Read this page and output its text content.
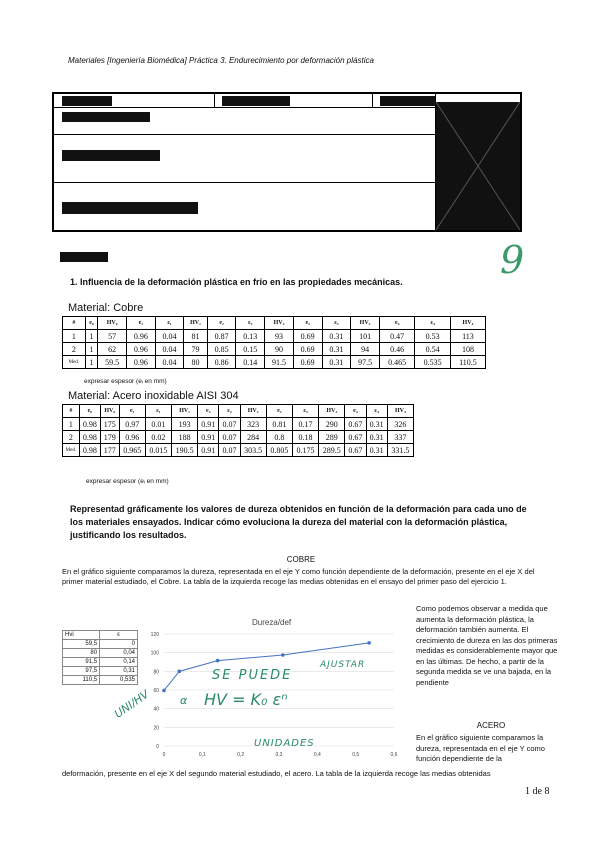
Materiales [Ingeniería Biomédica] Práctica 3. Endurecimiento por deformación plástica
9
1. Influencia de la deformación plástica en frío en las propiedades mecánicas.
Material: Cobre
#	e₀	HV₀	e₁	ε₁	HV₁	e₂	ε₂	HV₂	e₃	ε₃	HV₃	e₄	ε₄	HV₄
1	1	57	0.96	0.04	81	0.87	0.13	93	0.69	0.31	101	0.47	0.53	113
2	1	62	0.96	0.04	79	0.85	0.15	90	0.69	0.31	94	0.46	0.54	108
Med.	1	59.5	0.96	0.04	80	0.86	0.14	91.5	0.69	0.31	97.5	0.465	0.535	110.5
expresar espesor (eᵢ en mm)
Material: Acero inoxidable AISI 304
#	e₀	HV₀	e₁	ε₁	HV₁	e₂	ε₂	HV₂	e₃	ε₃	HV₃	e₄	ε₄	HV₄
1	0.98	175	0.97	0.01	193	0.91	0.07	323	0.81	0.17	290	0.67	0.31	326
2	0.98	179	0.96	0.02	188	0.91	0.07	284	0.8	0.18	289	0.67	0.31	337
Med.	0.98	177	0.965	0.015	190.5	0.91	0.07	303.5	0.805	0.175	289.5	0.67	0.31	331.5
expresar espesor (eᵢ en mm)
Representad gráficamente los valores de dureza obtenidos en función de la deformación para cada uno de los materiales ensayados. Indicar cómo evoluciona la dureza del material con la deformación plástica, justificando los resultados.
COBRE
En el gráfico siguiente comparamos la dureza, representada en el eje Y como función dependiente de la deformación, presente en el eje X del primer material estudiado, el Cobre. La tabla de la izquierda recoge las medias obtenidas en el ensayo del primer paso del ejercicio 1.
Hvi	ε
59,5	0
80	0,04
91,5	0,14
97,5	0,31
110,5	0,535
Dureza/def
0
20
40
60
80
100
120
0	0,1	0,2	0,3	0,4	0,5	0,6
Como podemos observar a medida que aumenta la deformación plástica, la deformación también aumenta. El crecimiento de dureza en las dos primeras medidas es considerablemente mayor que en las últimas. De hecho, a partir de la segunda medida se ve una bajada, en la pendiente
ACERO
En el gráfico siguiente comparamos la dureza, representada en el eje Y como función dependiente de la
deformación, presente en el eje X del segundo material estudiado, el acero. La tabla de la izquierda recoge las medias obtenidas
UNI/HV	α
SE PUEDE
AJUSTAR
HV = K₀ εⁿ
UNIDADES
1 de 8
